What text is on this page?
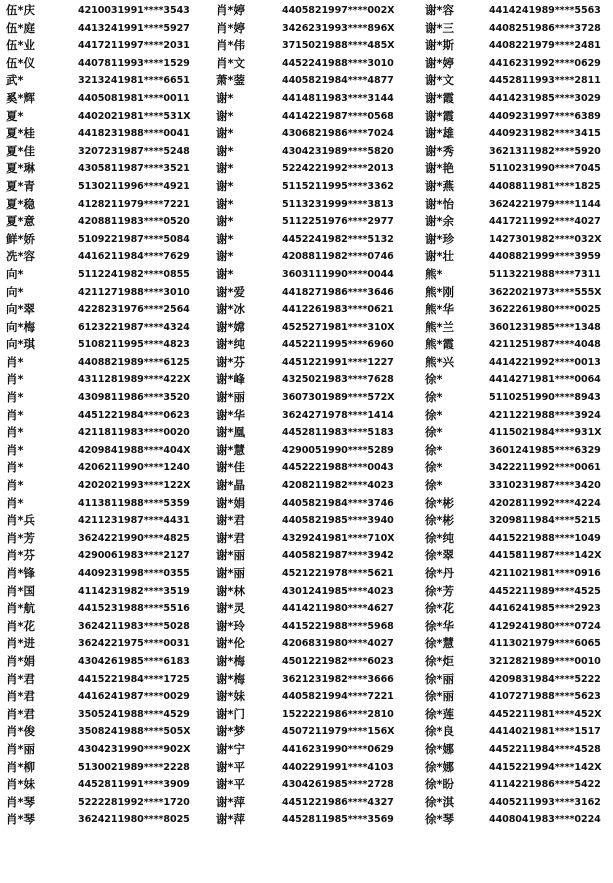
伍*庆	4210031991****3543	肖*婷	4405821997****002X	谢*容	4414241989****5563
伍*庭	4413241991****5927	肖*婷	3426231993****896X	谢*三	4408251986****3728
伍*业	4417211997****2031	肖*伟	3715021988****485X	谢*斯	4408221979****2481
伍*仪	4407811993****1529	肖*文	4452241988****3010	谢*婷	4416231992****0629
武*	3213241981****6651	萧*蓥	4405821984****4877	谢*文	4452811993****2811
奚*辉	4405081981****0011	谢*	4414811983****3144	谢*霞	4414231985****3029
夏*	4402021981****531X	谢*	4414221987****0568	谢*霞	4409231997****6389
夏*桂	4418231988****0041	谢*	4306821986****7024	谢*雄	4409231982****3415
夏*佳	3207231987****5248	谢*	4304231989****5820	谢*秀	3621311982****5920
夏*琳	4305811987****3521	谢*	5224221992****2013	谢*艳	5110231990****7045
夏*青	5130211996****4921	谢*	5115211995****3362	谢*燕	4408811981****1825
夏*稳	4128211979****7221	谢*	5113231999****3813	谢*怡	3624221979****1144
夏*意	4208811983****0520	谢*	5112251976****2977	谢*余	4417211992****4027
鲜*娇	5109221987****5084	谢*	4452241982****5132	谢*珍	1427301982****032X
冼*容	4416211984****7629	谢*	4208811982****0746	谢*壮	4408821999****3959
向*	5112241982****0855	谢*	3603111990****0044	熊*	5113221988****7311
向*	4211271988****3010	谢*爱	4418271986****3646	熊*刚	3622021973****555X
向*翠	4228231976****2564	谢*冰	4412261983****0621	熊*华	3622261980****0025
向*梅	6123221987****4324	谢*嫦	4525271981****310X	熊*兰	3601231985****1348
向*琪	5108211995****4823	谢*纯	4452211995****6960	熊*霞	4211251987****4048
肖*	4408821989****6125	谢*芬	4451221991****1227	熊*兴	4414221992****0013
肖*	4311281989****422X	谢*峰	4325021983****7628	徐*	4414271981****0064
肖*	4309811986****3520	谢*丽	3607301989****572X	徐*	5110251990****8943
肖*	4451221984****0623	谢*华	3624271978****1414	徐*	4211221988****3924
肖*	4211811983****0020	谢*凰	4452811983****5183	徐*	4115021984****931X
肖*	4209841988****404X	谢*慧	4290051990****5289	徐*	3601241985****6329
肖*	4206211990****1240	谢*佳	4452221988****0043	徐*	3422211992****0061
肖*	4202021993****122X	谢*晶	4208211982****4023	徐*	3310231987****3420
肖*	4113811988****5359	谢*娟	4405821984****3746	徐*彬	4202811992****4224
肖*兵	4211231987****4431	谢*君	4405821985****3940	徐*彬	3209811984****5215
肖*芳	3624221990****4825	谢*君	4329241981****710X	徐*纯	4415221988****1049
肖*芬	4290061983****2127	谢*丽	4405821987****3942	徐*翠	4415811987****142X
肖*锋	4409231998****0355	谢*丽	4521221978****5621	徐*丹	4211021981****0916
肖*国	4114231982****3519	谢*林	4301241985****4023	徐*芳	4452211989****4525
肖*航	4415231988****5516	谢*灵	4414211980****4627	徐*花	4416241985****2923
肖*花	3624211983****5028	谢*玲	4415221988****5968	徐*华	4129241980****0724
肖*进	3624221975****0031	谢*伦	4206831980****4027	徐*慧	4113021979****6065
肖*娟	4304261985****6183	谢*梅	4501221982****6023	徐*炬	3212821989****0010
肖*君	4415221984****1725	谢*梅	3621231982****3666	徐*丽	4209831984****5222
肖*君	4416241987****0029	谢*妹	4405821994****7221	徐*丽	4107271988****5623
肖*君	3505241988****4529	谢*门	1522221986****2810	徐*莲	4452211981****452X
肖*俊	3508241988****505X	谢*梦	4507211979****156X	徐*良	4414021981****1517
肖*丽	4304231990****902X	谢*宁	4416231990****0629	徐*娜	4452211984****4528
肖*柳	5130021989****2228	谢*平	4402291991****4103	徐*娜	4415221994****142X
肖*妹	4452811991****3909	谢*平	4304261985****2728	徐*盼	4114221986****5422
肖*琴	5222281992****1720	谢*萍	4451221986****4327	徐*淇	4405211993****3162
肖*琴	3624211980****8025	谢*萍	4452811985****3569	徐*琴	4408041983****0224
